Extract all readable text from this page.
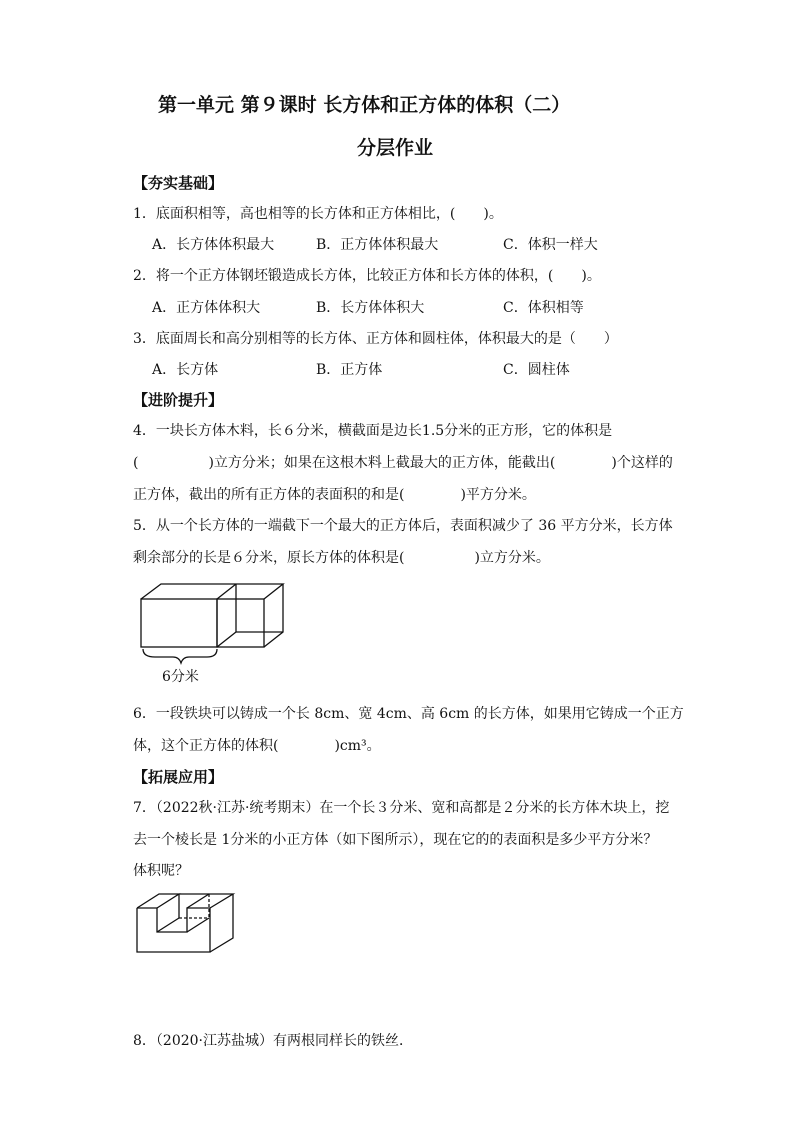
第一单元 第９课时 长方体和正方体的体积（二）
分层作业
【夯实基础】
1．底面积相等，高也相等的长方体和正方体相比，(　　)。
A．长方体体积最大	B．正方体体积最大	C．体积一样大
2．将一个正方体钢坯锻造成长方体，比较正方体和长方体的体积，(　　)。
A．正方体体积大	B．长方体体积大	C．体积相等
3．底面周长和高分别相等的长方体、正方体和圆柱体，体积最大的是（　　）
A．长方体	B．正方体	C．圆柱体
【进阶提升】
4．一块长方体木料，长６分米，横截面是边长1.5分米的正方形，它的体积是
(　　　　　)立方分米；如果在这根木料上截最大的正方体，能截出(　　　　)个这样的
正方体，截出的所有正方体的表面积的和是(　　　　)平方分米。
5．从一个长方体的一端截下一个最大的正方体后，表面积减少了 36 平方分米，长方体
剩余部分的长是６分米，原长方体的体积是(　　　　　)立方分米。
6分米
6．一段铁块可以铸成一个长 8cm、宽 4cm、高 6cm 的长方体，如果用它铸成一个正方
体，这个正方体的体积(　　　　)cm³。
【拓展应用】
7．（2022秋·江苏·统考期末）在一个长３分米、宽和高都是２分米的长方体木块上，挖
去一个棱长是 1分米的小正方体（如下图所示），现在它的的表面积是多少平方分米？
体积呢？
8．（2020·江苏盐城）有两根同样长的铁丝．
